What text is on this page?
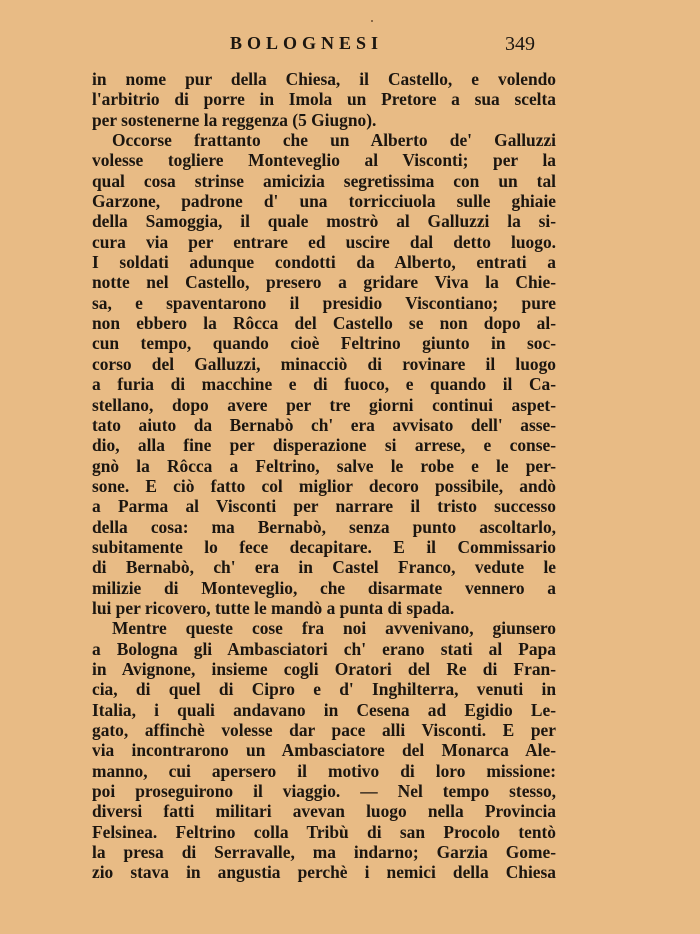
BOLOGNESI	349
in nome pur della Chiesa, il Castello, e volendo
l'arbitrio di porre in Imola un Pretore a sua scelta
per sostenerne la reggenza (5 Giugno).
Occorse frattanto che un Alberto de' Galluzzi
volesse togliere Monteveglio al Visconti; per la
qual cosa strinse amicizia segretissima con un tal
Garzone, padrone d' una torricciuola sulle ghiaie
della Samoggia, il quale mostrò al Galluzzi la si-
cura via per entrare ed uscire dal detto luogo.
I soldati adunque condotti da Alberto, entrati a
notte nel Castello, presero a gridare Viva la Chie-
sa, e spaventarono il presidio Viscontiano; pure
non ebbero la Rôcca del Castello se non dopo al-
cun tempo, quando cioè Feltrino giunto in soc-
corso del Galluzzi, minacciò di rovinare il luogo
a furia di macchine e di fuoco, e quando il Ca-
stellano, dopo avere per tre giorni continui aspet-
tato aiuto da Bernabò ch' era avvisato dell' asse-
dio, alla fine per disperazione si arrese, e conse-
gnò la Rôcca a Feltrino, salve le robe e le per-
sone. E ciò fatto col miglior decoro possibile, andò
a Parma al Visconti per narrare il tristo successo
della cosa: ma Bernabò, senza punto ascoltarlo,
subitamente lo fece decapitare. E il Commissario
di Bernabò, ch' era in Castel Franco, vedute le
milizie di Monteveglio, che disarmate vennero a
lui per ricovero, tutte le mandò a punta di spada.
Mentre queste cose fra noi avvenivano, giunsero
a Bologna gli Ambasciatori ch' erano stati al Papa
in Avignone, insieme cogli Oratori del Re di Fran-
cia, di quel di Cipro e d' Inghilterra, venuti in
Italia, i quali andavano in Cesena ad Egidio Le-
gato, affinchè volesse dar pace alli Visconti. E per
via incontrarono un Ambasciatore del Monarca Ale-
manno, cui apersero il motivo di loro missione:
poi proseguirono il viaggio. — Nel tempo stesso,
diversi fatti militari avevan luogo nella Provincia
Felsinea. Feltrino colla Tribù di san Procolo tentò
la presa di Serravalle, ma indarno; Garzia Gome-
zio stava in angustia perchè i nemici della Chiesa
